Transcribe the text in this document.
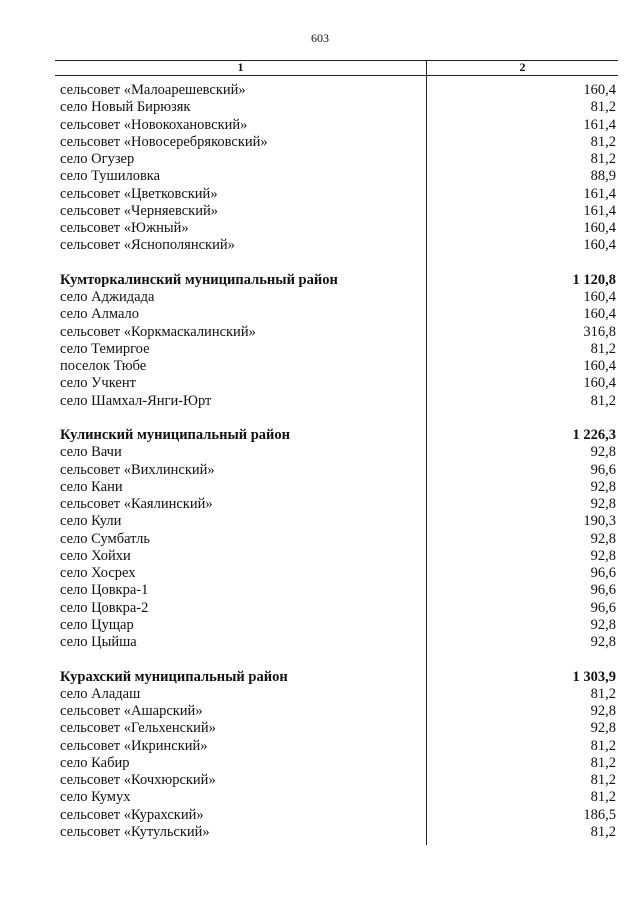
603
1	2
сельсовет «Малоарешевский»	160,4
село Новый Бирюзяк	81,2
сельсовет «Новокохановский»	161,4
сельсовет «Новосеребряковский»	81,2
село Огузер	81,2
село Тушиловка	88,9
сельсовет «Цветковский»	161,4
сельсовет «Черняевский»	161,4
сельсовет «Южный»	160,4
сельсовет «Яснополянский»	160,4
Кумторкалинский муниципальный район	1 120,8
село Аджидада	160,4
село Алмало	160,4
сельсовет «Коркмаскалинский»	316,8
село Темиргое	81,2
поселок Тюбе	160,4
село Учкент	160,4
село Шамхал-Янги-Юрт	81,2
Кулинский муниципальный район	1 226,3
село Вачи	92,8
сельсовет «Вихлинский»	96,6
село Кани	92,8
сельсовет «Каялинский»	92,8
село Кули	190,3
село Сумбатль	92,8
село Хойхи	92,8
село Хосрех	96,6
село Цовкра-1	96,6
село Цовкра-2	96,6
село Цущар	92,8
село Цыйша	92,8
Курахский муниципальный район	1 303,9
село Аладаш	81,2
сельсовет «Ашарский»	92,8
сельсовет «Гельхенский»	92,8
сельсовет «Икринский»	81,2
село Кабир	81,2
сельсовет «Кочхюрский»	81,2
село Кумух	81,2
сельсовет «Курахский»	186,5
сельсовет «Кутульский»	81,2
